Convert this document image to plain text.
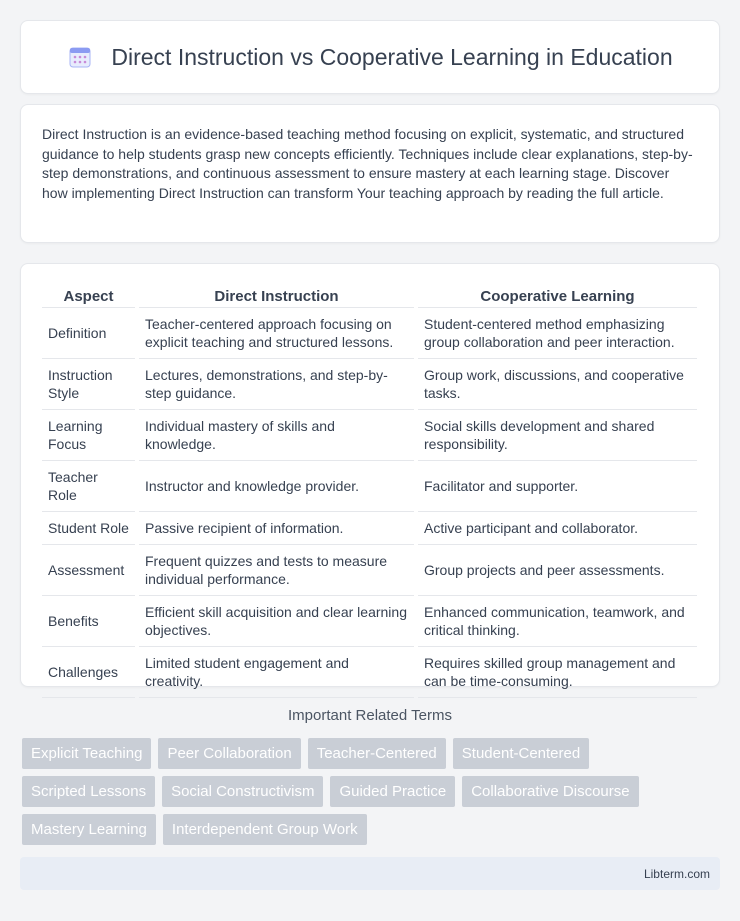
Direct Instruction vs Cooperative Learning in Education

Direct Instruction is an evidence-based teaching method focusing on explicit, systematic, and structured guidance to help students grasp new concepts efficiently. Techniques include clear explanations, step-by-step demonstrations, and continuous assessment to ensure mastery at each learning stage. Discover how implementing Direct Instruction can transform Your teaching approach by reading the full article.

Aspect	Direct Instruction	Cooperative Learning
Definition	Teacher-centered approach focusing on explicit teaching and structured lessons.	Student-centered method emphasizing group collaboration and peer interaction.
Instruction Style	Lectures, demonstrations, and step-by-step guidance.	Group work, discussions, and cooperative tasks.
Learning Focus	Individual mastery of skills and knowledge.	Social skills development and shared responsibility.
Teacher Role	Instructor and knowledge provider.	Facilitator and supporter.
Student Role	Passive recipient of information.	Active participant and collaborator.
Assessment	Frequent quizzes and tests to measure individual performance.	Group projects and peer assessments.
Benefits	Efficient skill acquisition and clear learning objectives.	Enhanced communication, teamwork, and critical thinking.
Challenges	Limited student engagement and creativity.	Requires skilled group management and can be time-consuming.
Important Related Terms
Explicit Teaching	Peer Collaboration	Teacher-Centered	Student-Centered
Scripted Lessons	Social Constructivism	Guided Practice	Collaborative Discourse
Mastery Learning	Interdependent Group Work
Libterm.com
